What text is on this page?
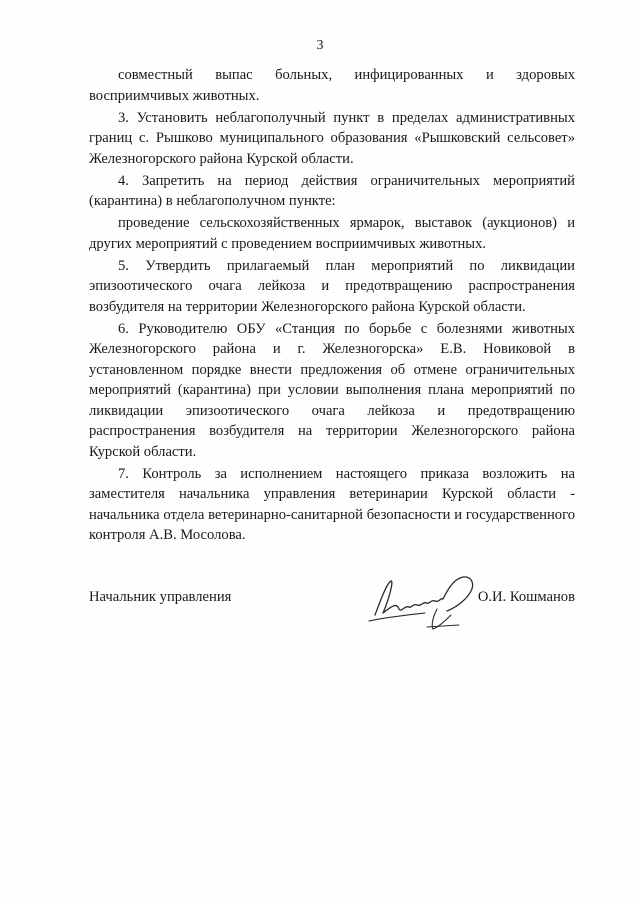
3

совместный выпас больных, инфицированных и здоровых восприимчивых животных.

3. Установить неблагополучный пункт в пределах административных границ с. Рышково муниципального образования «Рышковский сельсовет» Железногорского района Курской области.

4. Запретить на период действия ограничительных мероприятий (карантина) в неблагополучном пункте:

проведение сельскохозяйственных ярмарок, выставок (аукционов) и других мероприятий с проведением восприимчивых животных.

5. Утвердить прилагаемый план мероприятий по ликвидации эпизоотического очага лейкоза и предотвращению распространения возбудителя на территории Железногорского района Курской области.

6. Руководителю ОБУ «Станция по борьбе с болезнями животных Железногорского района и г. Железногорска» Е.В. Новиковой в установленном порядке внести предложения об отмене ограничительных мероприятий (карантина) при условии выполнения плана мероприятий по ликвидации эпизоотического очага лейкоза и предотвращению распространения возбудителя на территории Железногорского района Курской области.

7. Контроль за исполнением настоящего приказа возложить на заместителя начальника управления ветеринарии Курской области - начальника отдела ветеринарно-санитарной безопасности и государственного контроля А.В. Мосолова.

Начальник управления	О.И. Кошманов
